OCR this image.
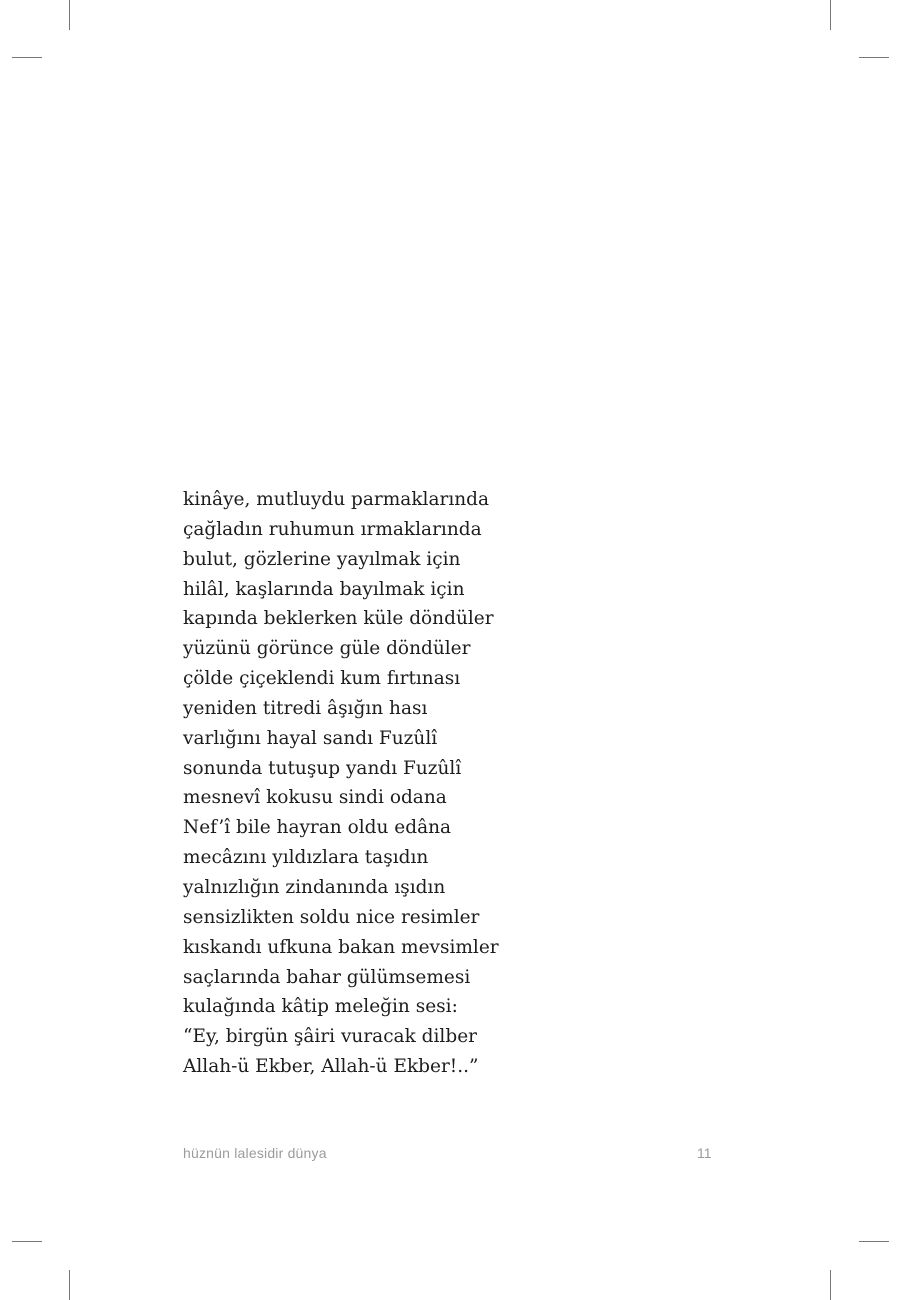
kinâye, mutluydu parmaklarında
çağladın ruhumun ırmaklarında
bulut, gözlerine yayılmak için
hilâl, kaşlarında bayılmak için
kapında beklerken küle döndüler
yüzünü görünce güle döndüler
çölde çiçeklendi kum fırtınası
yeniden titredi âşığın hası
varlığını hayal sandı Fuzûlî
sonunda tutuşup yandı Fuzûlî
mesnevî kokusu sindi odana
Nef’î bile hayran oldu edâna
mecâzını yıldızlara taşıdın
yalnızlığın zindanında ışıdın
sensizlikten soldu nice resimler
kıskandı ufkuna bakan mevsimler
saçlarında bahar gülümsemesi
kulağında kâtip meleğin sesi:
“Ey, birgün şâiri vuracak dilber
Allah-ü Ekber, Allah-ü Ekber!..”
hüznün lalesidir dünya	11
